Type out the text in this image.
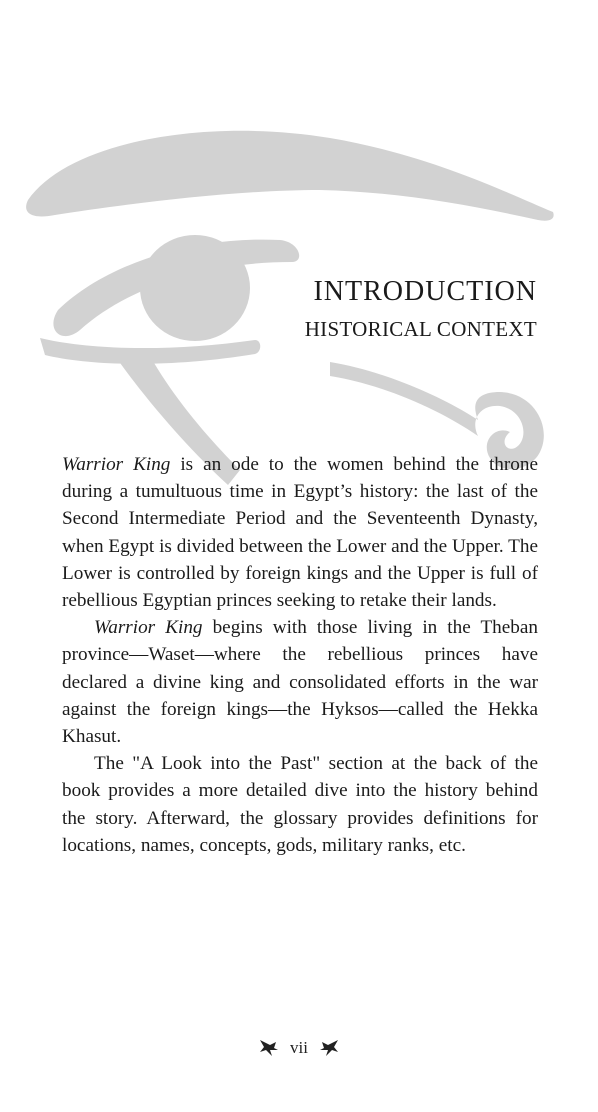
INTRODUCTION
HISTORICAL CONTEXT

Warrior King is an ode to the women behind the throne during a tumultuous time in Egypt’s history: the last of the Second Intermediate Period and the Seventeenth Dynasty, when Egypt is divided between the Lower and the Upper. The Lower is controlled by foreign kings and the Upper is full of rebellious Egyptian princes seeking to retake their lands.

Warrior King begins with those living in the Theban province—Waset—where the rebellious princes have declared a divine king and consolidated efforts in the war against the foreign kings—the Hyksos—called the Hekka Khasut.

The "A Look into the Past" section at the back of the book provides a more detailed dive into the history behind the story. Afterward, the glossary provides definitions for locations, names, concepts, gods, military ranks, etc.

vii
